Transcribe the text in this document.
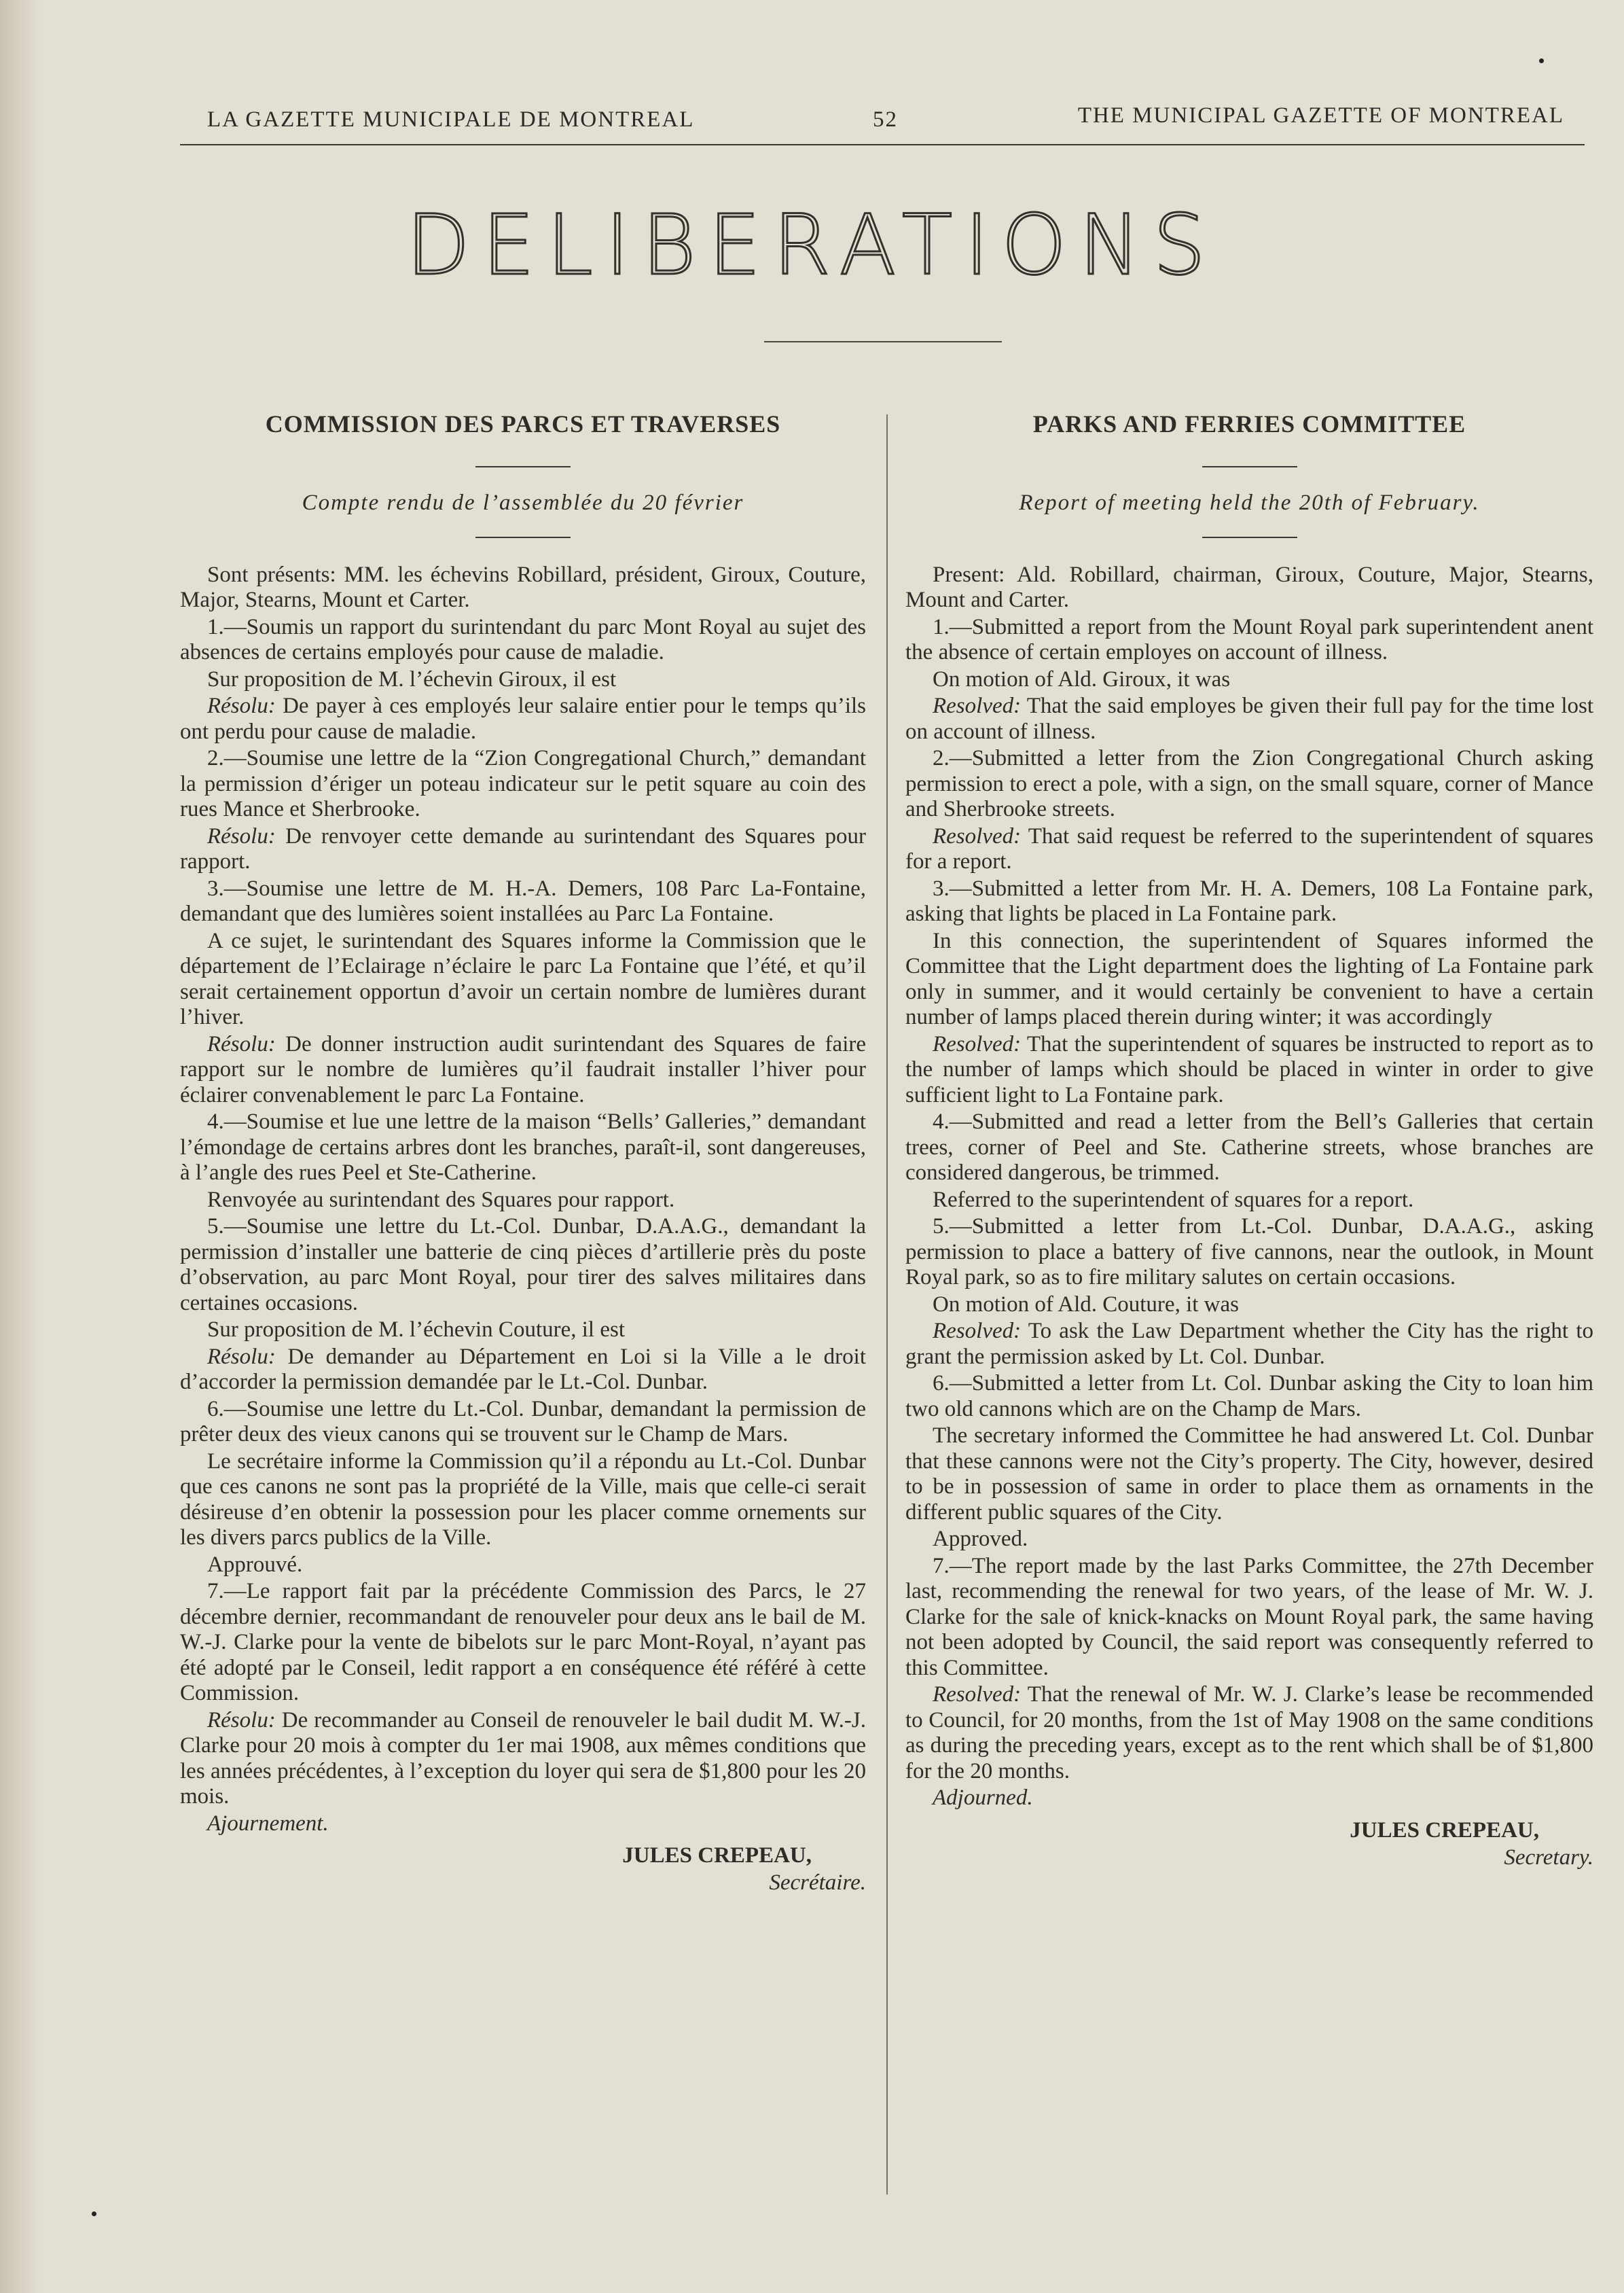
LA GAZETTE MUNICIPALE DE MONTREAL	52	THE MUNICIPAL GAZETTE OF MONTREAL
DELIBERATIONS
COMMISSION DES PARCS ET TRAVERSES
Compte rendu de l’assemblée du 20 février

Sont présents: MM. les échevins Robillard, président, Giroux, Couture, Major, Stearns, Mount et Carter.

1.—Soumis un rapport du surintendant du parc Mont Royal au sujet des absences de certains employés pour cause de maladie.

Sur proposition de M. l’échevin Giroux, il est

Résolu: De payer à ces employés leur salaire entier pour le temps qu’ils ont perdu pour cause de maladie.

2.—Soumise une lettre de la “Zion Congregational Church,” demandant la permission d’ériger un poteau indicateur sur le petit square au coin des rues Mance et Sherbrooke.

Résolu: De renvoyer cette demande au surintendant des Squares pour rapport.

3.—Soumise une lettre de M. H.-A. Demers, 108 Parc La-Fontaine, demandant que des lumières soient installées au Parc La Fontaine.

A ce sujet, le surintendant des Squares informe la Commission que le département de l’Eclairage n’éclaire le parc La Fontaine que l’été, et qu’il serait certainement opportun d’avoir un certain nombre de lumières durant l’hiver.

Résolu: De donner instruction audit surintendant des Squares de faire rapport sur le nombre de lumières qu’il faudrait installer l’hiver pour éclairer convenablement le parc La Fontaine.

4.—Soumise et lue une lettre de la maison “Bells’ Galleries,” demandant l’émondage de certains arbres dont les branches, paraît-il, sont dangereuses, à l’angle des rues Peel et Ste-Catherine.

Renvoyée au surintendant des Squares pour rapport.

5.—Soumise une lettre du Lt.-Col. Dunbar, D.A.A.G., demandant la permission d’installer une batterie de cinq pièces d’artillerie près du poste d’observation, au parc Mont Royal, pour tirer des salves militaires dans certaines occasions.

Sur proposition de M. l’échevin Couture, il est

Résolu: De demander au Département en Loi si la Ville a le droit d’accorder la permission demandée par le Lt.-Col. Dunbar.

6.—Soumise une lettre du Lt.-Col. Dunbar, demandant la permission de prêter deux des vieux canons qui se trouvent sur le Champ de Mars.

Le secrétaire informe la Commission qu’il a répondu au Lt.-Col. Dunbar que ces canons ne sont pas la propriété de la Ville, mais que celle-ci serait désireuse d’en obtenir la possession pour les placer comme ornements sur les divers parcs publics de la Ville.

Approuvé.

7.—Le rapport fait par la précédente Commission des Parcs, le 27 décembre dernier, recommandant de renouveler pour deux ans le bail de M. W.-J. Clarke pour la vente de bibelots sur le parc Mont-Royal, n’ayant pas été adopté par le Conseil, ledit rapport a en conséquence été référé à cette Commission.

Résolu: De recommander au Conseil de renouveler le bail dudit M. W.-J. Clarke pour 20 mois à compter du 1er mai 1908, aux mêmes conditions que les années précédentes, à l’exception du loyer qui sera de $1,800 pour les 20 mois.

Ajournement.

JULES CREPEAU,
Secrétaire.
PARKS AND FERRIES COMMITTEE
Report of meeting held the 20th of February.

Present: Ald. Robillard, chairman, Giroux, Couture, Major, Stearns, Mount and Carter.

1.—Submitted a report from the Mount Royal park superintendent anent the absence of certain employes on account of illness.

On motion of Ald. Giroux, it was

Resolved: That the said employes be given their full pay for the time lost on account of illness.

2.—Submitted a letter from the Zion Congregational Church asking permission to erect a pole, with a sign, on the small square, corner of Mance and Sherbrooke streets.

Resolved: That said request be referred to the superintendent of squares for a report.

3.—Submitted a letter from Mr. H. A. Demers, 108 La Fontaine park, asking that lights be placed in La Fontaine park.

In this connection, the superintendent of Squares informed the Committee that the Light department does the lighting of La Fontaine park only in summer, and it would certainly be convenient to have a certain number of lamps placed therein during winter; it was accordingly

Resolved: That the superintendent of squares be instructed to report as to the number of lamps which should be placed in winter in order to give sufficient light to La Fontaine park.

4.—Submitted and read a letter from the Bell’s Galleries that certain trees, corner of Peel and Ste. Catherine streets, whose branches are considered dangerous, be trimmed.

Referred to the superintendent of squares for a report.

5.—Submitted a letter from Lt.-Col. Dunbar, D.A.A.G., asking permission to place a battery of five cannons, near the outlook, in Mount Royal park, so as to fire military salutes on certain occasions.

On motion of Ald. Couture, it was

Resolved: To ask the Law Department whether the City has the right to grant the permission asked by Lt. Col. Dunbar.

6.—Submitted a letter from Lt. Col. Dunbar asking the City to loan him two old cannons which are on the Champ de Mars.

The secretary informed the Committee he had answered Lt. Col. Dunbar that these cannons were not the City’s property. The City, however, desired to be in possession of same in order to place them as ornaments in the different public squares of the City.

Approved.

7.—The report made by the last Parks Committee, the 27th December last, recommending the renewal for two years, of the lease of Mr. W. J. Clarke for the sale of knick-knacks on Mount Royal park, the same having not been adopted by Council, the said report was consequently referred to this Committee.

Resolved: That the renewal of Mr. W. J. Clarke’s lease be recommended to Council, for 20 months, from the 1st of May 1908 on the same conditions as during the preceding years, except as to the rent which shall be of $1,800 for the 20 months.

Adjourned.

JULES CREPEAU,
Secretary.
